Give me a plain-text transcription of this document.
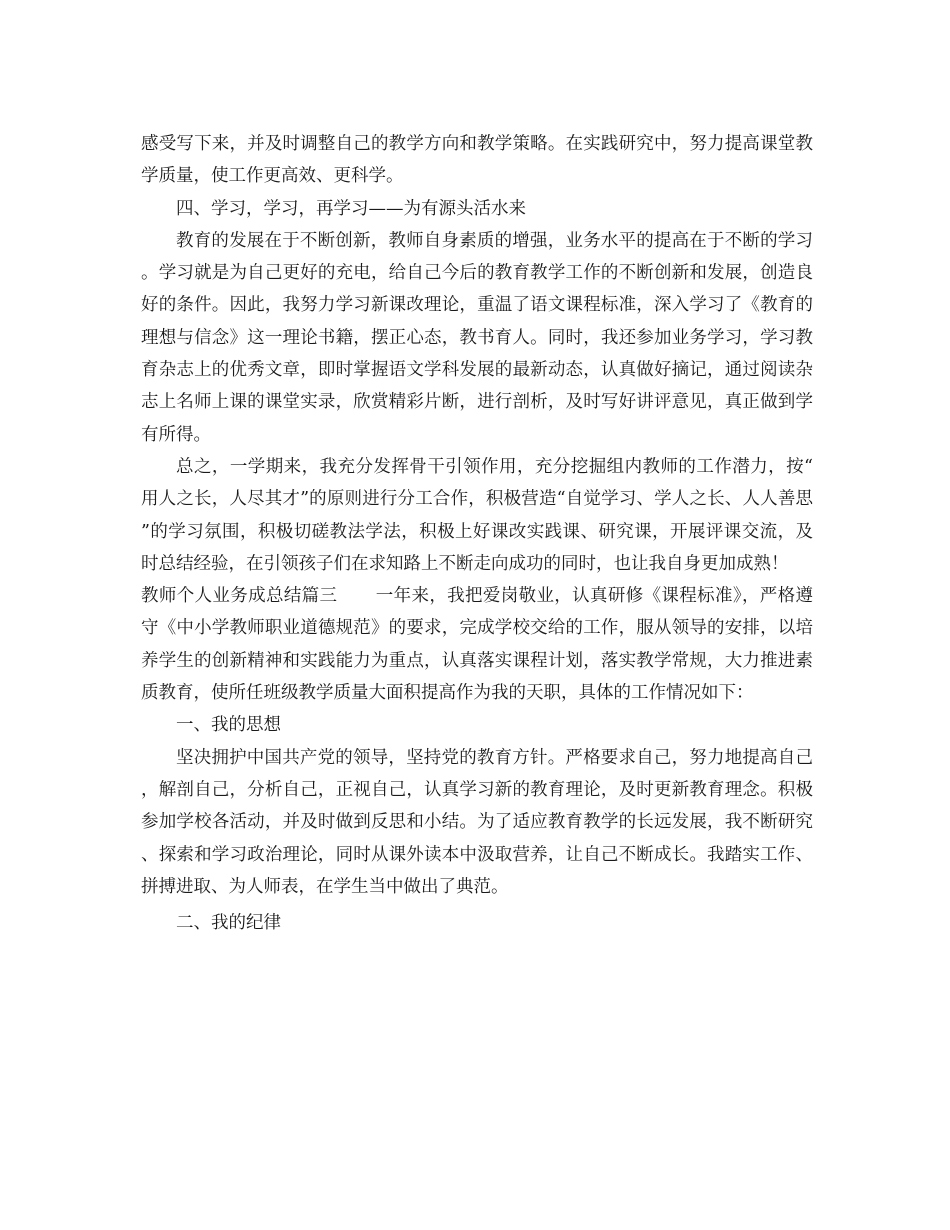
感受写下来，并及时调整自己的教学方向和教学策略。在实践研究中，努力提高课堂教学质量，使工作更高效、更科学。

四、学习，学习，再学习——为有源头活水来

教育的发展在于不断创新，教师自身素质的增强，业务水平的提高在于不断的学习。学习就是为自己更好的充电，给自己今后的教育教学工作的不断创新和发展，创造良好的条件。因此，我努力学习新课改理论，重温了语文课程标准，深入学习了《教育的理想与信念》这一理论书籍，摆正心态，教书育人。同时，我还参加业务学习，学习教育杂志上的优秀文章，即时掌握语文学科发展的最新动态，认真做好摘记，通过阅读杂志上名师上课的课堂实录，欣赏精彩片断，进行剖析，及时写好讲评意见，真正做到学有所得。

总之，一学期来，我充分发挥骨干引领作用，充分挖掘组内教师的工作潜力，按“用人之长，人尽其才”的原则进行分工合作，积极营造“自觉学习、学人之长、人人善思”的学习氛围，积极切磋教法学法，积极上好课改实践课、研究课，开展评课交流，及时总结经验，在引领孩子们在求知路上不断走向成功的同时，也让我自身更加成熟！

教师个人业务成总结篇三 一年来，我把爱岗敬业，认真研修《课程标准》，严格遵守《中小学教师职业道德规范》的要求，完成学校交给的工作，服从领导的安排，以培养学生的创新精神和实践能力为重点，认真落实课程计划，落实教学常规，大力推进素质教育，使所任班级教学质量大面积提高作为我的天职，具体的工作情况如下：

一、我的思想

坚决拥护中国共产党的领导，坚持党的教育方针。严格要求自己，努力地提高自己，解剖自己，分析自己，正视自己，认真学习新的教育理论，及时更新教育理念。积极参加学校各活动，并及时做到反思和小结。为了适应教育教学的长远发展，我不断研究、探索和学习政治理论，同时从课外读本中汲取营养，让自己不断成长。我踏实工作、拼搏进取、为人师表，在学生当中做出了典范。

二、我的纪律
